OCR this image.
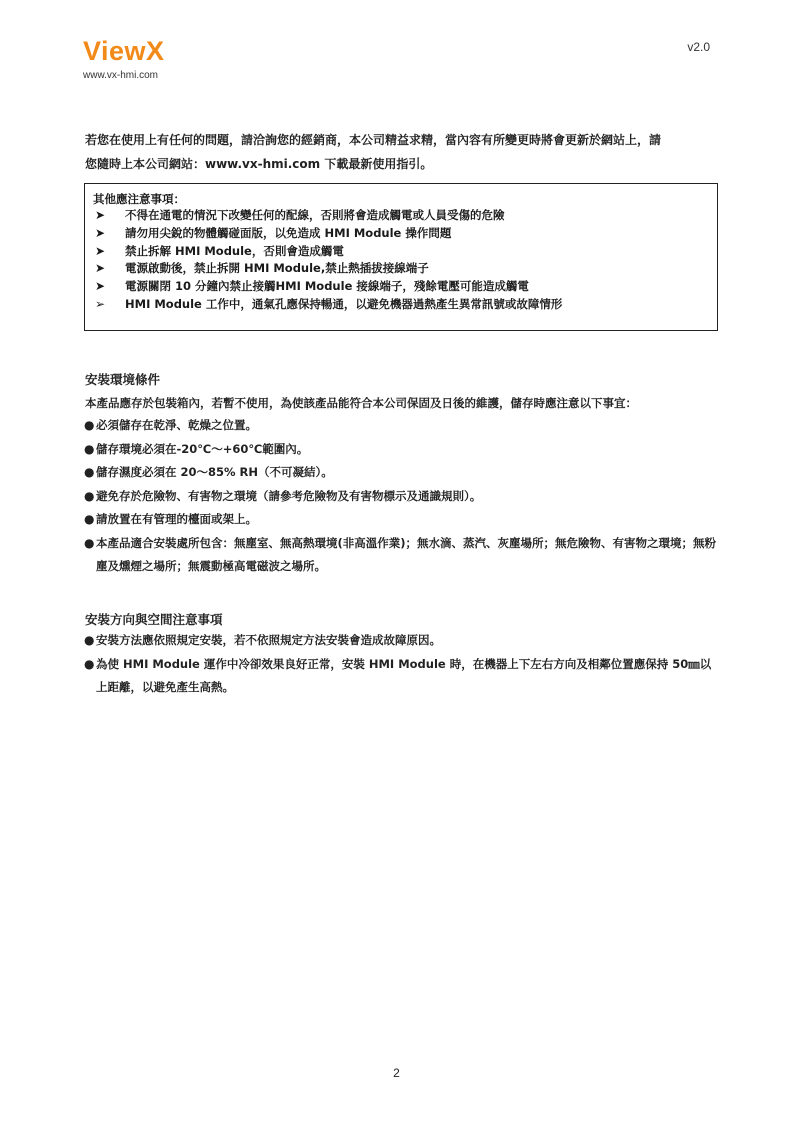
ViewX
www.vx-hmi.com
v2.0
若您在使用上有任何的問題，請洽詢您的經銷商，本公司精益求精，當內容有所變更時將會更新於網站上，請
您隨時上本公司網站：www.vx-hmi.com 下載最新使用指引。
其他應注意事項：
➤ 不得在通電的情況下改變任何的配線，否則將會造成觸電或人員受傷的危險
➤ 請勿用尖銳的物體觸碰面版，以免造成 HMI Module 操作問題
➤ 禁止拆解 HMI Module，否則會造成觸電
➤ 電源啟動後，禁止拆開 HMI Module,禁止熱插拔接線端子
➤ 電源關閉 10 分鐘內禁止接觸HMI Module 接線端子，殘餘電壓可能造成觸電
➢ HMI Module 工作中，通氣孔應保持暢通，以避免機器過熱產生異常訊號或故障情形
安裝環境條件
本產品應存於包裝箱內，若暫不使用，為使該產品能符合本公司保固及日後的維護，儲存時應注意以下事宜：
● 必須儲存在乾淨、乾燥之位置。
● 儲存環境必須在-20℃～+60℃範圍內。
● 儲存濕度必須在 20～85% RH（不可凝結）。
● 避免存於危險物、有害物之環境（請參考危險物及有害物標示及通識規則）。
● 請放置在有管理的檯面或架上。
● 本產品適合安裝處所包含：無塵室、無高熱環境(非高溫作業)；無水滴、蒸汽、灰塵場所；無危險物、有害物之環境；無粉塵及燻煙之場所；無震動極高電磁波之場所。
安裝方向與空間注意事項
● 安裝方法應依照規定安裝，若不依照規定方法安裝會造成故障原因。
● 為使 HMI Module 運作中冷卻效果良好正常，安裝 HMI Module 時，在機器上下左右方向及相鄰位置應保持 50㎜以上距離，以避免產生高熱。
2
